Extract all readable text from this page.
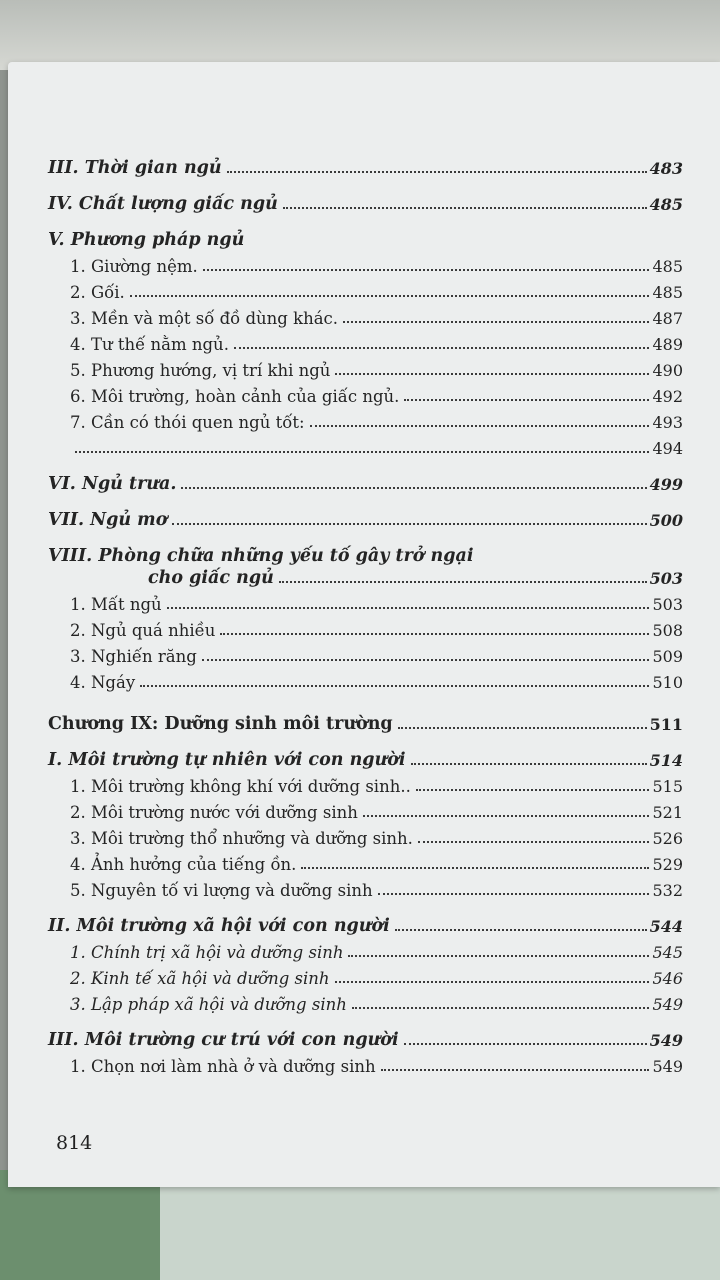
III. Thời gian ngủ	483
IV. Chất lượng giấc ngủ	485
V. Phương pháp ngủ
1. Giường nệm.	485
2. Gối.	485
3. Mền và một số đồ dùng khác.	487
4. Tư thế nằm ngủ.	489
5. Phương hướng, vị trí khi ngủ	490
6. Môi trường, hoàn cảnh của giấc ngủ.	492
7. Cần có thói quen ngủ tốt:	493
494
VI. Ngủ trưa.	499
VII. Ngủ mơ	500
VIII. Phòng chữa những yếu tố gây trở ngại
cho giấc ngủ	503
1. Mất ngủ	503
2. Ngủ quá nhiều	508
3. Nghiến răng	509
4. Ngáy	510
Chương IX: Dưỡng sinh môi trường	511
I. Môi trường tự nhiên với con người	514
1. Môi trường không khí với dưỡng sinh..	515
2. Môi trường nước với dưỡng sinh	521
3. Môi trường thổ nhưỡng và dưỡng sinh.	526
4. Ảnh hưởng của tiếng ồn.	529
5. Nguyên tố vi lượng và dưỡng sinh	532
II. Môi trường xã hội với con người	544
1. Chính trị xã hội và dưỡng sinh	545
2. Kinh tế xã hội và dưỡng sinh	546
3. Lập pháp xã hội và dưỡng sinh	549
III. Môi trường cư trú với con người	549
1. Chọn nơi làm nhà ở và dưỡng sinh	549
814
